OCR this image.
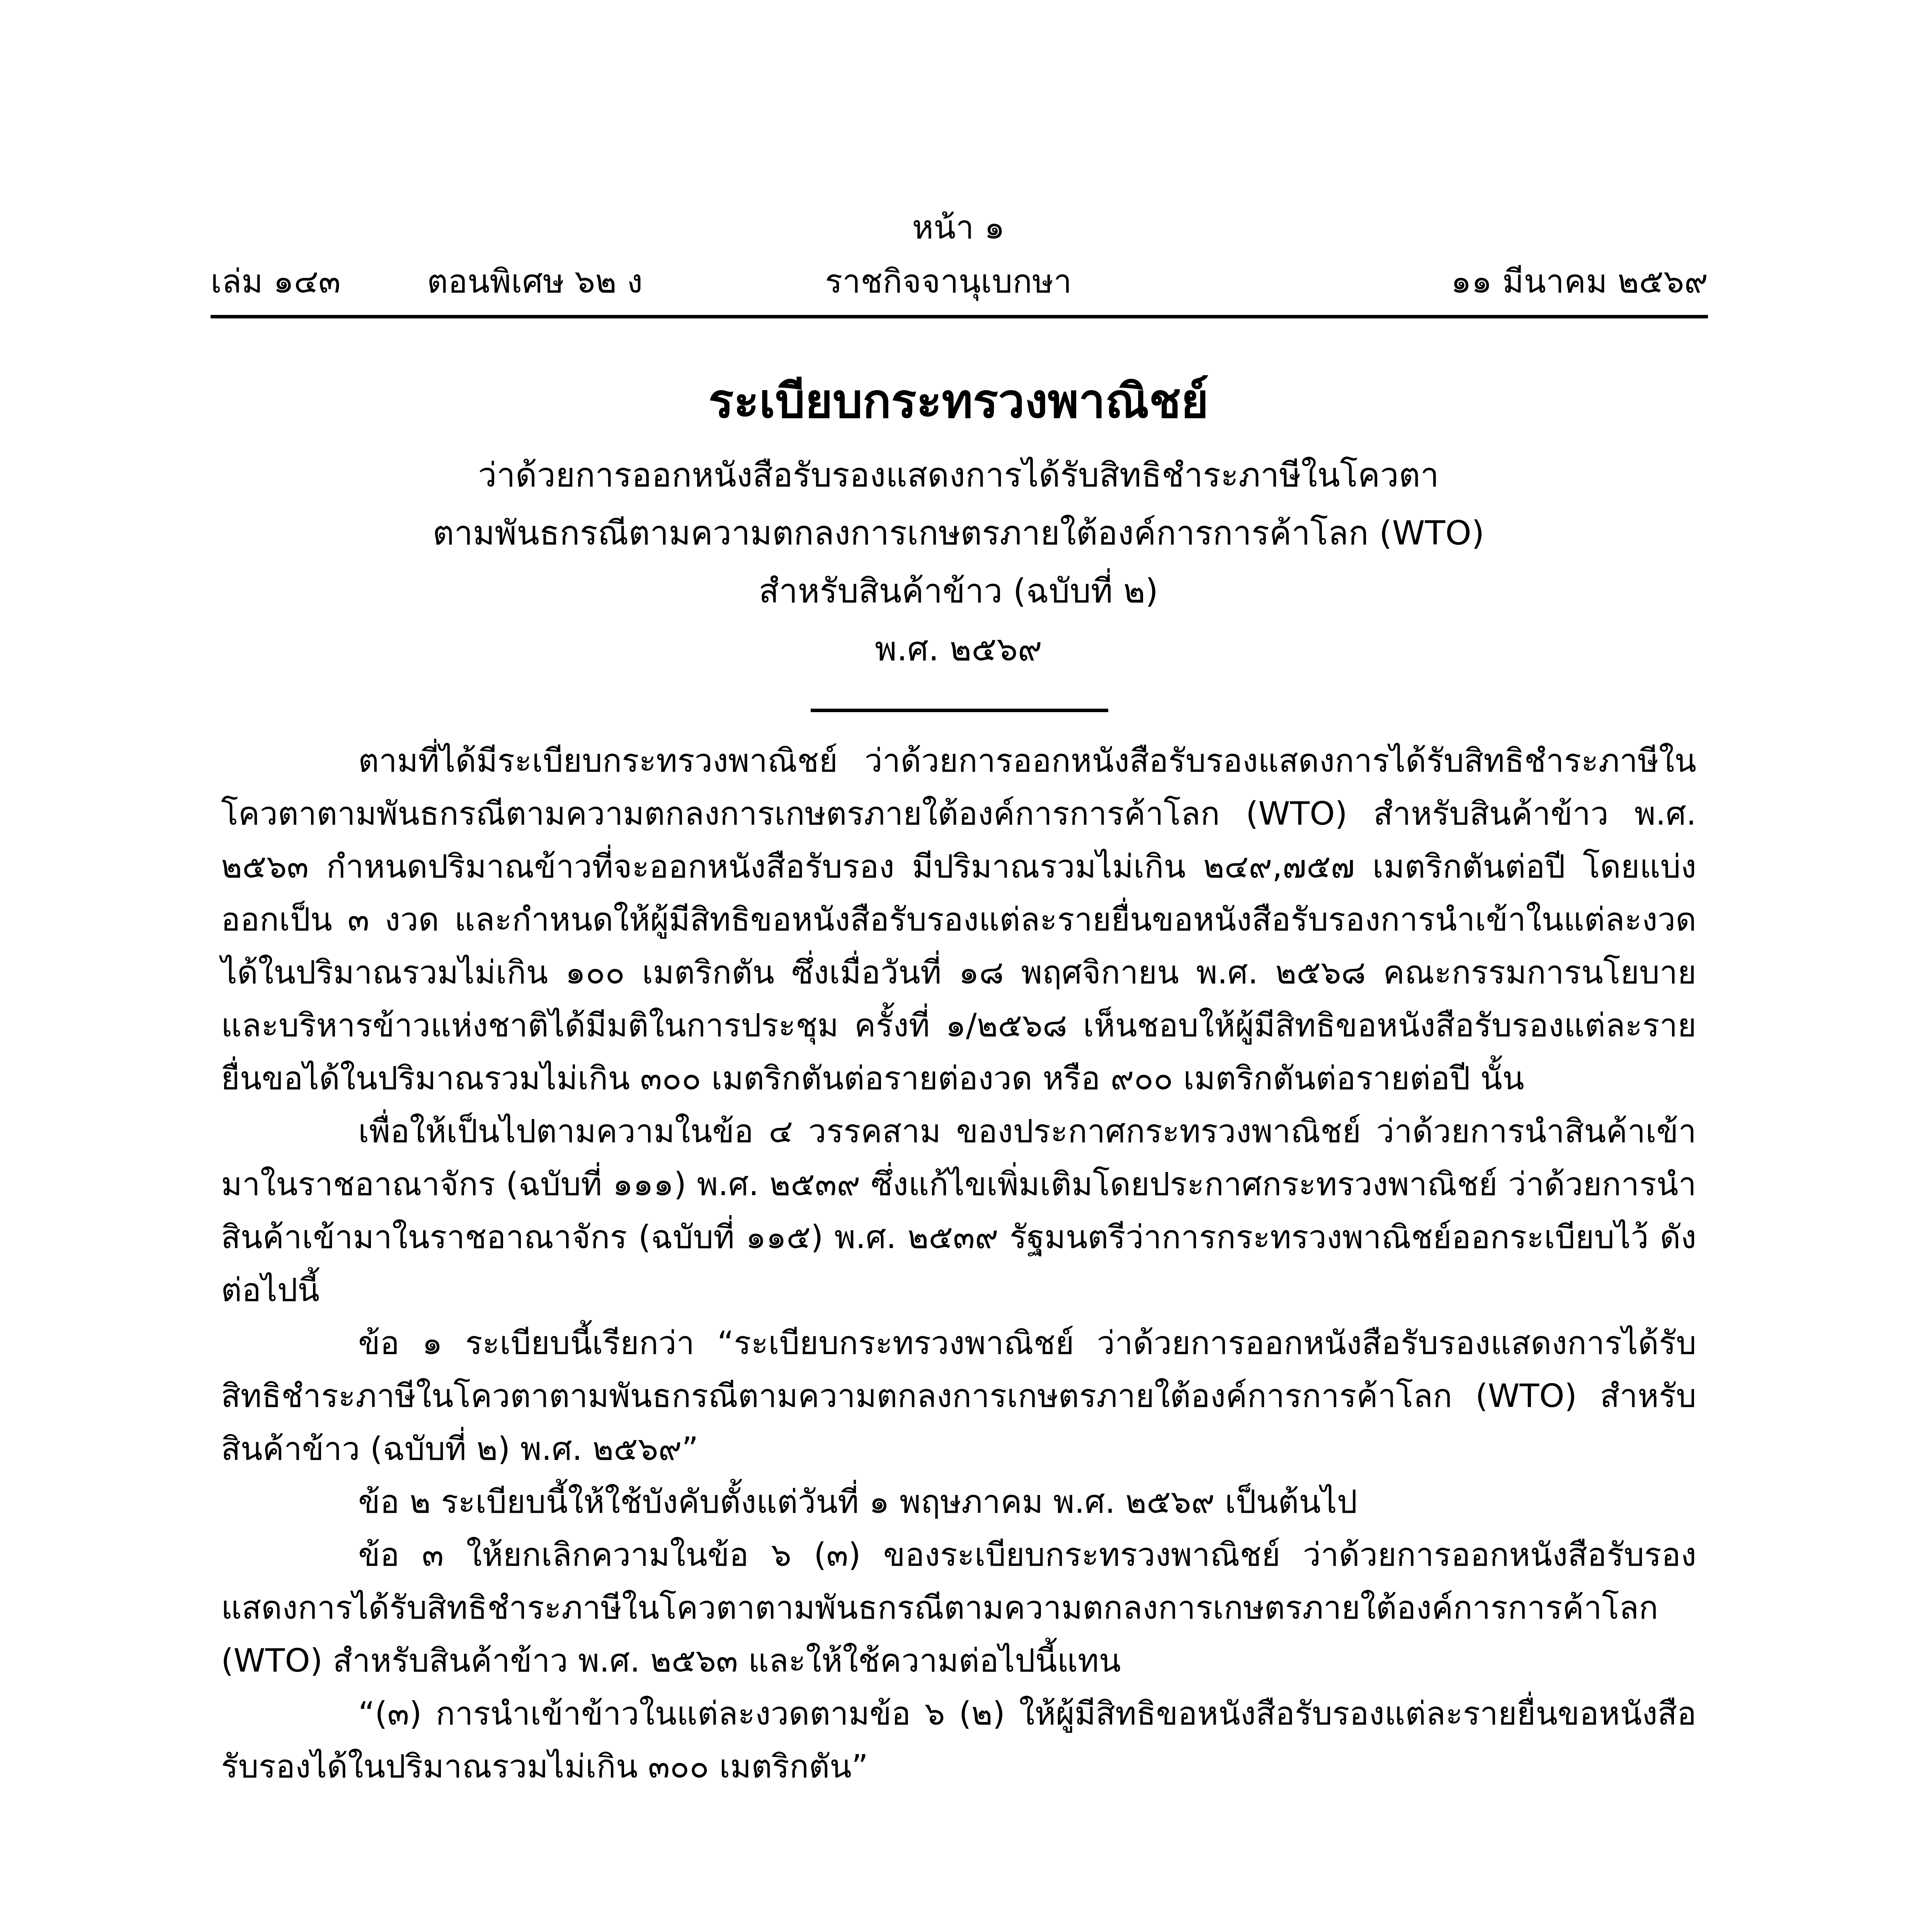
หน้า ๑
เล่ม ๑๔๓	ตอนพิเศษ ๖๒ ง	ราชกิจจานุเบกษา	๑๑ มีนาคม ๒๕๖๙
ระเบียบกระทรวงพาณิชย์
ว่าด้วยการออกหนังสือรับรองแสดงการได้รับสิทธิชำระภาษีในโควตา
ตามพันธกรณีตามความตกลงการเกษตรภายใต้องค์การการค้าโลก (WTO)
สำหรับสินค้าข้าว (ฉบับที่ ๒)
พ.ศ. ๒๕๖๙

ตามที่ได้มีระเบียบกระทรวงพาณิชย์ ว่าด้วยการออกหนังสือรับรองแสดงการได้รับสิทธิชำระภาษีในโควตาตามพันธกรณีตามความตกลงการเกษตรภายใต้องค์การการค้าโลก (WTO) สำหรับสินค้าข้าว พ.ศ. ๒๕๖๓ กำหนดปริมาณข้าวที่จะออกหนังสือรับรอง มีปริมาณรวมไม่เกิน ๒๔๙,๗๕๗ เมตริกตันต่อปี โดยแบ่งออกเป็น ๓ งวด และกำหนดให้ผู้มีสิทธิขอหนังสือรับรองแต่ละรายยื่นขอหนังสือรับรองการนำเข้าในแต่ละงวดได้ในปริมาณรวมไม่เกิน ๑๐๐ เมตริกตัน ซึ่งเมื่อวันที่ ๑๘ พฤศจิกายน พ.ศ. ๒๕๖๘ คณะกรรมการนโยบายและบริหารข้าวแห่งชาติได้มีมติในการประชุม ครั้งที่ ๑/๒๕๖๘ เห็นชอบให้ผู้มีสิทธิขอหนังสือรับรองแต่ละรายยื่นขอได้ในปริมาณรวมไม่เกิน ๓๐๐ เมตริกตันต่อรายต่องวด หรือ ๙๐๐ เมตริกตันต่อรายต่อปี นั้น

เพื่อให้เป็นไปตามความในข้อ ๔ วรรคสาม ของประกาศกระทรวงพาณิชย์ ว่าด้วยการนำสินค้าเข้ามาในราชอาณาจักร (ฉบับที่ ๑๑๑) พ.ศ. ๒๕๓๙ ซึ่งแก้ไขเพิ่มเติมโดยประกาศกระทรวงพาณิชย์ ว่าด้วยการนำสินค้าเข้ามาในราชอาณาจักร (ฉบับที่ ๑๑๕) พ.ศ. ๒๕๓๙ รัฐมนตรีว่าการกระทรวงพาณิชย์ออกระเบียบไว้ ดังต่อไปนี้

ข้อ ๑ ระเบียบนี้เรียกว่า “ระเบียบกระทรวงพาณิชย์ ว่าด้วยการออกหนังสือรับรองแสดงการได้รับสิทธิชำระภาษีในโควตาตามพันธกรณีตามความตกลงการเกษตรภายใต้องค์การการค้าโลก (WTO) สำหรับสินค้าข้าว (ฉบับที่ ๒) พ.ศ. ๒๕๖๙”

ข้อ ๒ ระเบียบนี้ให้ใช้บังคับตั้งแต่วันที่ ๑ พฤษภาคม พ.ศ. ๒๕๖๙ เป็นต้นไป

ข้อ ๓ ให้ยกเลิกความในข้อ ๖ (๓) ของระเบียบกระทรวงพาณิชย์ ว่าด้วยการออกหนังสือรับรองแสดงการได้รับสิทธิชำระภาษีในโควตาตามพันธกรณีตามความตกลงการเกษตรภายใต้องค์การการค้าโลก (WTO) สำหรับสินค้าข้าว พ.ศ. ๒๕๖๓ และให้ใช้ความต่อไปนี้แทน

“(๓) การนำเข้าข้าวในแต่ละงวดตามข้อ ๖ (๒) ให้ผู้มีสิทธิขอหนังสือรับรองแต่ละรายยื่นขอหนังสือรับรองได้ในปริมาณรวมไม่เกิน ๓๐๐ เมตริกตัน”
